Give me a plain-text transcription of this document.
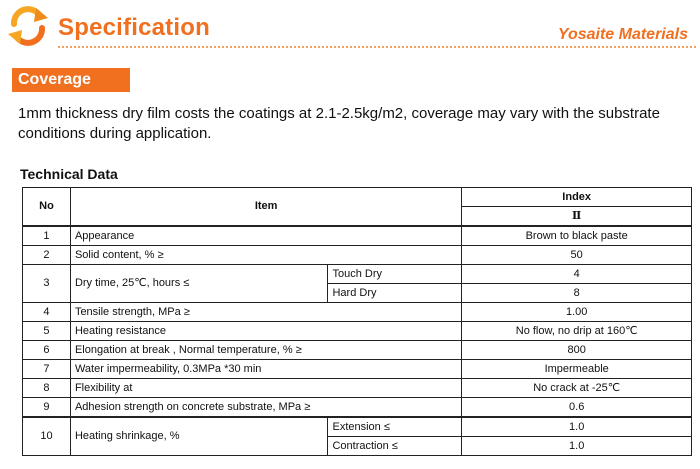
Specification	Yosaite Materials
Coverage
1mm thickness dry film costs the coatings at 2.1-2.5kg/m2, coverage may vary with the substrate conditions during application.
Technical Data
No	Item		Index
			Ⅱ
1	Appearance		Brown to black paste
2	Solid content, % ≥		50
3	Dry time, 25℃, hours ≤	Touch Dry	4
		Hard Dry	8
4	Tensile strength, MPa ≥		1.00
5	Heating resistance		No flow, no drip at 160℃
6	Elongation at break , Normal temperature, % ≥		800
7	Water impermeability, 0.3MPa *30 min		Impermeable
8	Flexibility at		No crack at -25℃
9	Adhesion strength on concrete substrate, MPa ≥		0.6
10	Heating shrinkage, %	Extension ≤	1.0
		Contraction ≤	1.0
